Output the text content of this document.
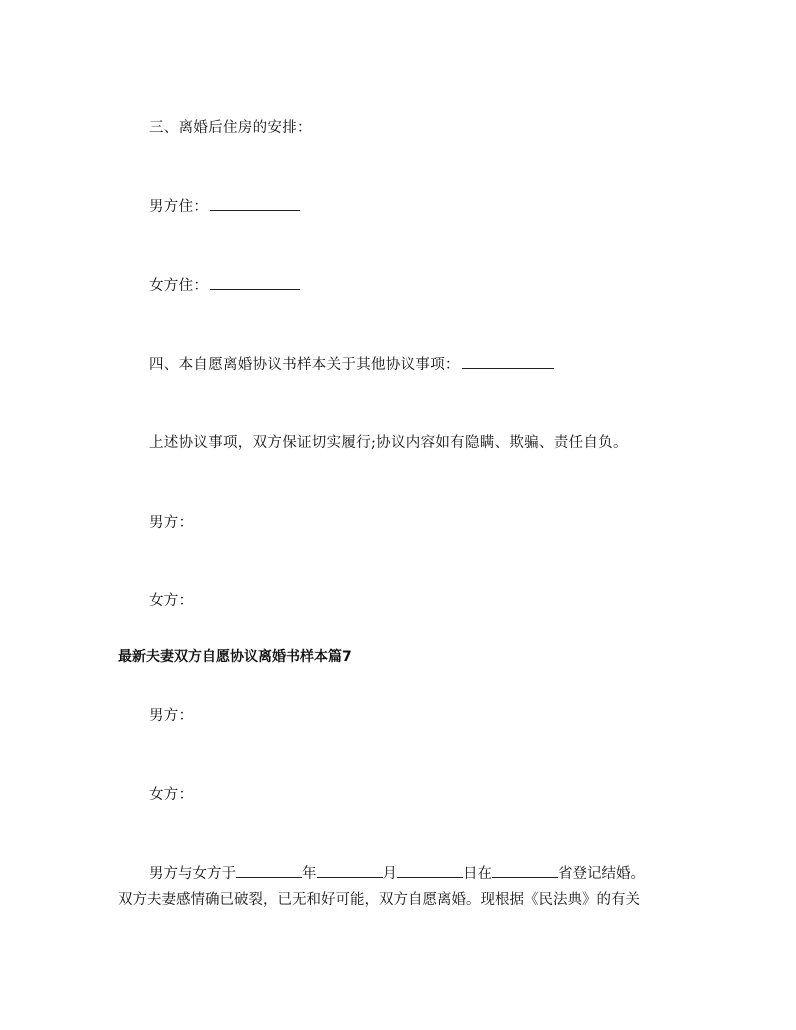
三、离婚后住房的安排：
男方住：
女方住：
四、本自愿离婚协议书样本关于其他协议事项：
上述协议事项，双方保证切实履行;协议内容如有隐瞒、欺骗、责任自负。
男方：
女方：
最新夫妻双方自愿协议离婚书样本篇7
男方：
女方：
男方与女方于	年	月	日在	省登记结婚。
双方夫妻感情确已破裂，已无和好可能，双方自愿离婚。现根据《民法典》的有关
